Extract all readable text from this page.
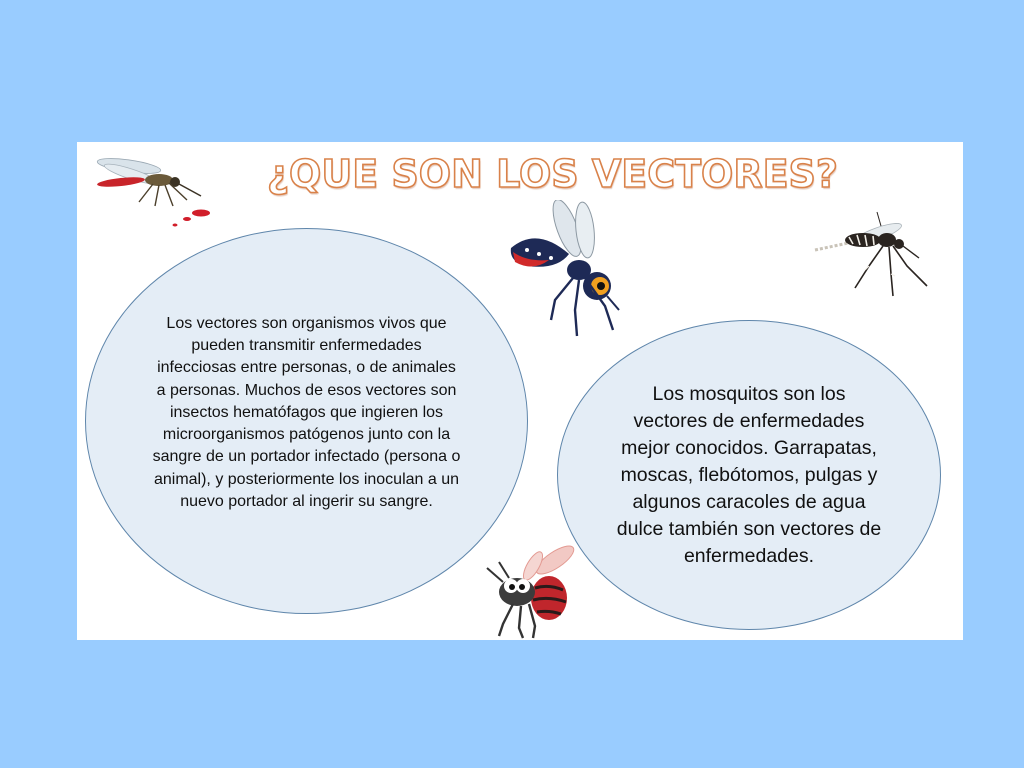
¿QUE SON LOS VECTORES?

Los vectores son organismos vivos que pueden transmitir enfermedades infecciosas entre personas, o de animales a personas. Muchos de esos vectores son insectos hematófagos que ingieren los microorganismos patógenos junto con la sangre de un portador infectado (persona o animal), y posteriormente los inoculan a un nuevo portador al ingerir su sangre.

Los mosquitos son los vectores de enfermedades mejor conocidos. Garrapatas, moscas, flebótomos, pulgas y algunos caracoles de agua dulce también son vectores de enfermedades.
